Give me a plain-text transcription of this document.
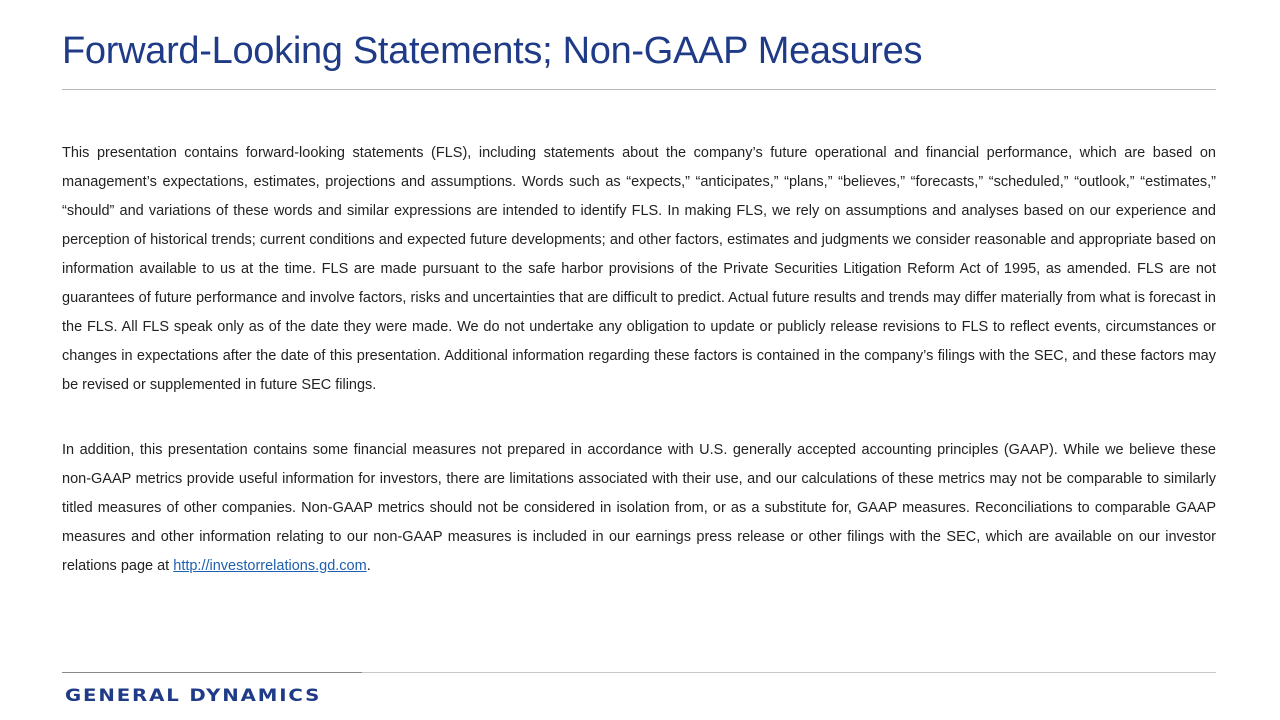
Forward-Looking Statements; Non-GAAP Measures

This presentation contains forward-looking statements (FLS), including statements about the company’s future operational and financial performance, which are based on management’s expectations, estimates, projections and assumptions. Words such as “expects,” “anticipates,” “plans,” “believes,” “forecasts,” “scheduled,” “outlook,” “estimates,” “should” and variations of these words and similar expressions are intended to identify FLS. In making FLS, we rely on assumptions and analyses based on our experience and perception of historical trends; current conditions and expected future developments; and other factors, estimates and judgments we consider reasonable and appropriate based on information available to us at the time. FLS are made pursuant to the safe harbor provisions of the Private Securities Litigation Reform Act of 1995, as amended. FLS are not guarantees of future performance and involve factors, risks and uncertainties that are difficult to predict. Actual future results and trends may differ materially from what is forecast in the FLS. All FLS speak only as of the date they were made. We do not undertake any obligation to update or publicly release revisions to FLS to reflect events, circumstances or changes in expectations after the date of this presentation. Additional information regarding these factors is contained in the company’s filings with the SEC, and these factors may be revised or supplemented in future SEC filings.

In addition, this presentation contains some financial measures not prepared in accordance with U.S. generally accepted accounting principles (GAAP). While we believe these non-GAAP metrics provide useful information for investors, there are limitations associated with their use, and our calculations of these metrics may not be comparable to similarly titled measures of other companies. Non-GAAP metrics should not be considered in isolation from, or as a substitute for, GAAP measures. Reconciliations to comparable GAAP measures and other information relating to our non-GAAP measures is included in our earnings press release or other filings with the SEC, which are available on our investor relations page at http://investorrelations.gd.com.

GENERAL DYNAMICS
